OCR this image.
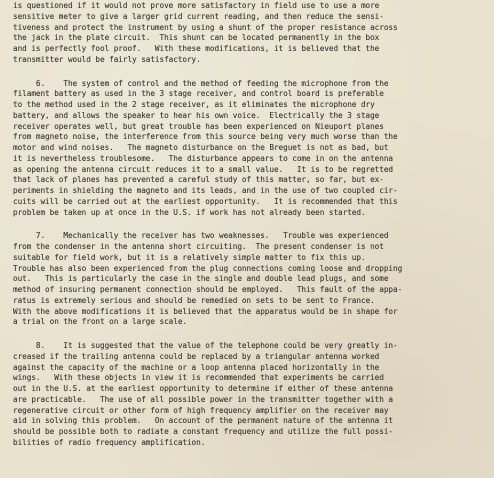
is questioned if it would not prove more satisfactory in field use to use a more
sensitive meter to give a larger grid current reading, and then reduce the sensi-
tiveness and protect the instrument by using a shunt of the proper resistance across
the jack in the plate circuit.  This shunt can be located permanently in the box
and is perfectly fool proof.   With these modifications, it is believed that the
transmitter would be fairly satisfactory.
6.    The system of control and the method of feeding the microphone from the
filament battery as used in the 3 stage receiver, and control board is preferable
to the method used in the 2 stage receiver, as it eliminates the microphone dry
battery, and allows the speaker to hear his own voice.  Electrically the 3 stage
receiver operates well, but great trouble has been experienced on Nieuport planes
from magneto noise, the interference from this source being very much worse than the
motor and wind noises.   The magneto disturbance on the Breguet is not as bad, but
it is nevertheless troublesome.   The disturbance appears to come in on the antenna
as opening the antenna circuit reduces it to a small value.   It is to be regretted
that lack of planes has prevented a careful study of this matter, so far, but ex-
periments in shielding the magneto and its leads, and in the use of two coupled cir-
cuits will be carried out at the earliest opportunity.   It is recommended that this
problem be taken up at once in the U.S. if work has not already been started.
7.    Mechanically the receiver has two weaknesses.   Trouble was experienced
from the condenser in the antenna short circuiting.  The present condenser is not
suitable for field work, but it is a relatively simple matter to fix this up.
Trouble has also been experienced from the plug connections coming loose and dropping
out.   This is particularly the case in the single and double lead plugs, and some
method of insuring permanent connection should be employed.   This fault of the appa-
ratus is extremely serious and should be remedied on sets to be sent to France.
With the above modifications it is believed that the apparatus would be in shape for
a trial on the front on a large scale.
8.    It is suggested that the value of the telephone could be very greatly in-
creased if the trailing antenna could be replaced by a triangular antenna worked
against the capacity of the machine or a loop antenna placed horizontally in the
wings.   With these objects in view it is recommended that experiments be carried
out in the U.S. at the earliest opportunity to determine if either of these antenna
are practicable.   The use of all possible power in the transmitter together with a
regenerative circuit or other form of high frequency amplifier on the receiver may
aid in solving this problem.   On account of the permanent nature of the antenna it
should be possible both to radiate a constant frequency and utilize the full possi-
bilities of radio frequency amplification.
